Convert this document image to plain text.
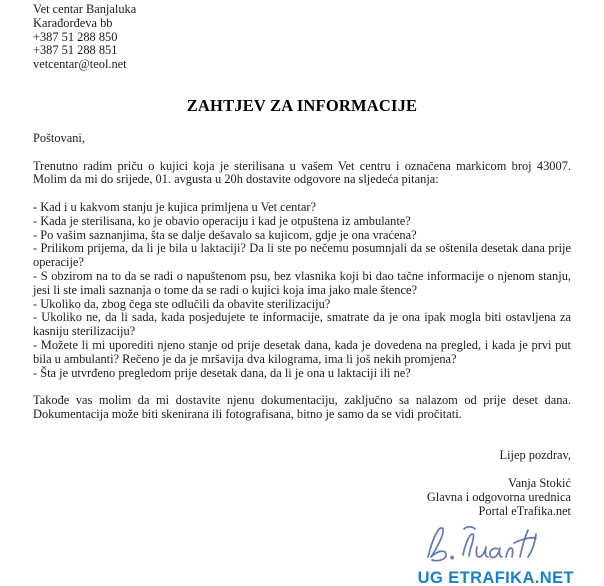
Vet centar Banjaluka
Karađorđeva bb
+387 51 288 850
+387 51 288 851
vetcentar@teol.net
ZAHTJEV ZA INFORMACIJE

Poštovani,

Trenutno radim priču o kujici koja je sterilisana u vašem Vet centru i označena markicom broj 43007. Molim da mi do srijede, 01. avgusta u 20h dostavite odgovore na sljedeća pitanja:

- Kad i u kakvom stanju je kujica primljena u Vet centar?
- Kada je sterilisana, ko je obavio operaciju i kad je otpuštena iz ambulante?
- Po vašim saznanjima, šta se dalje dešavalo sa kujicom, gdje je ona vraćena?
- Prilikom prijema, da li je bila u laktaciji? Da li ste po nečemu posumnjali da se oštenila desetak dana prije operacije?
- S obzirom na to da se radi o napuštenom psu, bez vlasnika koji bi dao tačne informacije o njenom stanju, jesi li ste imali saznanja o tome da se radi o kujici koja ima jako male štence?
- Ukoliko da, zbog čega ste odlučili da obavite sterilizaciju?
- Ukoliko ne, da li sada, kada posjedujete te informacije, smatrate da je ona ipak mogla biti ostavljena za kasniju sterilizaciju?
- Možete li mi uporediti njeno stanje od prije desetak dana, kada je dovedena na pregled, i kada je prvi put bila u ambulanti? Rečeno je da je mršavija dva kilograma, ima li još nekih promjena?
- Šta je utvrđeno pregledom prije desetak dana, da li je ona u laktaciji ili ne?

Takođe vas molim da mi dostavite njenu dokumentaciju, zaključno sa nalazom od prije deset dana. Dokumentacija može biti skenirana ili fotografisana, bitno je samo da se vidi pročitati.

Lijep pozdrav,

Vanja Stokić
Glavna i odgovorna urednica
Portal eTrafika.net
UG ETRAFIKA.NET
